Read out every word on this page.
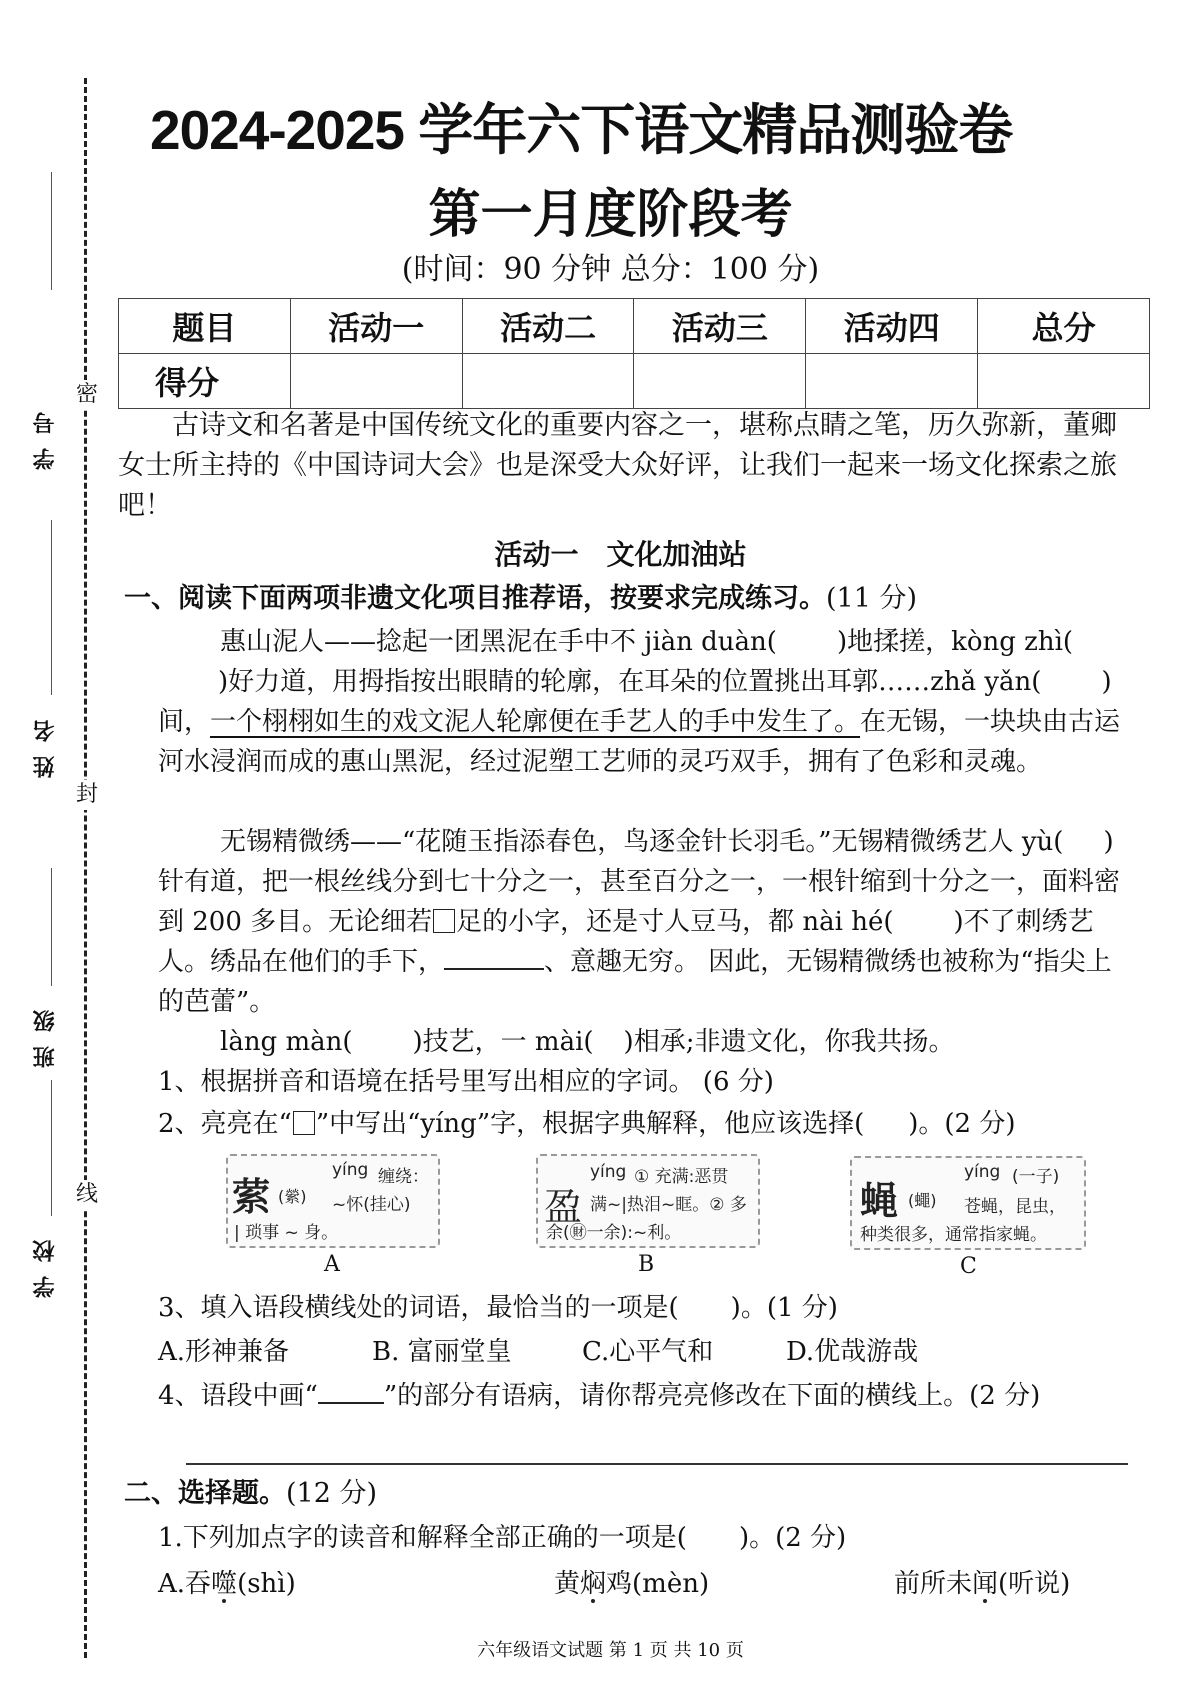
密
封
线
学号
姓名
班级
学校
2024-2025 学年六下语文精品测验卷
第一月度阶段考
(时间：90 分钟 总分：100 分)
题目	活动一	活动二	活动三	活动四	总分
得分					
古诗文和名著是中国传统文化的重要内容之一，堪称点睛之笔，历久弥新，董卿女士所主持的《中国诗词大会》也是深受大众好评，让我们一起来一场文化探索之旅吧！
活动一　文化加油站
一、阅读下面两项非遗文化项目推荐语，按要求完成练习。(11 分)
惠山泥人——捻起一团黑泥在手中不 jiàn duàn( )地揉搓，kòng zhì()好力道，用拇指按出眼睛的轮廓，在耳朵的位置挑出耳郭……zhǎ yǎn( )间，一个栩栩如生的戏文泥人轮廓便在手艺人的手中发生了。在无锡，一块块由古运河水浸润而成的惠山黑泥，经过泥塑工艺师的灵巧双手，拥有了色彩和灵魂。
无锡精微绣——“花随玉指添春色，鸟逐金针长羽毛。”无锡精微绣艺人 yù( )针有道，把一根丝线分到七十分之一，甚至百分之一，一根针缩到十分之一，面料密到 200 多目。无论细若 足的小字，还是寸人豆马，都 nài hé( )不了刺绣艺人。绣品在他们的手下，	、意趣无穷。 因此，无锡精微绣也被称为“指尖上的芭蕾”。
làng màn( )技艺，一 mài( )相承;非遗文化，你我共扬。
1、根据拼音和语境在括号里写出相应的字词。 (6 分)
2、亮亮在“ ”中写出“yíng”字，根据字典解释，他应该选择( )。(2 分)
萦 (縈)
yíng 缠绕：
~怀(挂心)
| 琐事 ~ 身。
A
盈
yíng ① 充满:恶贯
满~|热泪~眶。② 多
余(㊖一余):~利。
B
蝇 (蠅)
yíng (一子)
苍蝇，昆虫，
种类很多，通常指家蝇。
C
3、填入语段横线处的词语，最恰当的一项是(　　)。(1 分)
A.形神兼备	B. 富丽堂皇	C.心平气和	D.优哉游哉
4、语段中画“	”的部分有语病，请你帮亮亮修改在下面的横线上。(2 分)
二、选择题。(12 分)
1.下列加点字的读音和解释全部正确的一项是(　　)。(2 分)
A.吞噬(shì)	黄焖鸡(mèn)	前所未闻(听说)
六年级语文试题 第 1 页 共 10 页
